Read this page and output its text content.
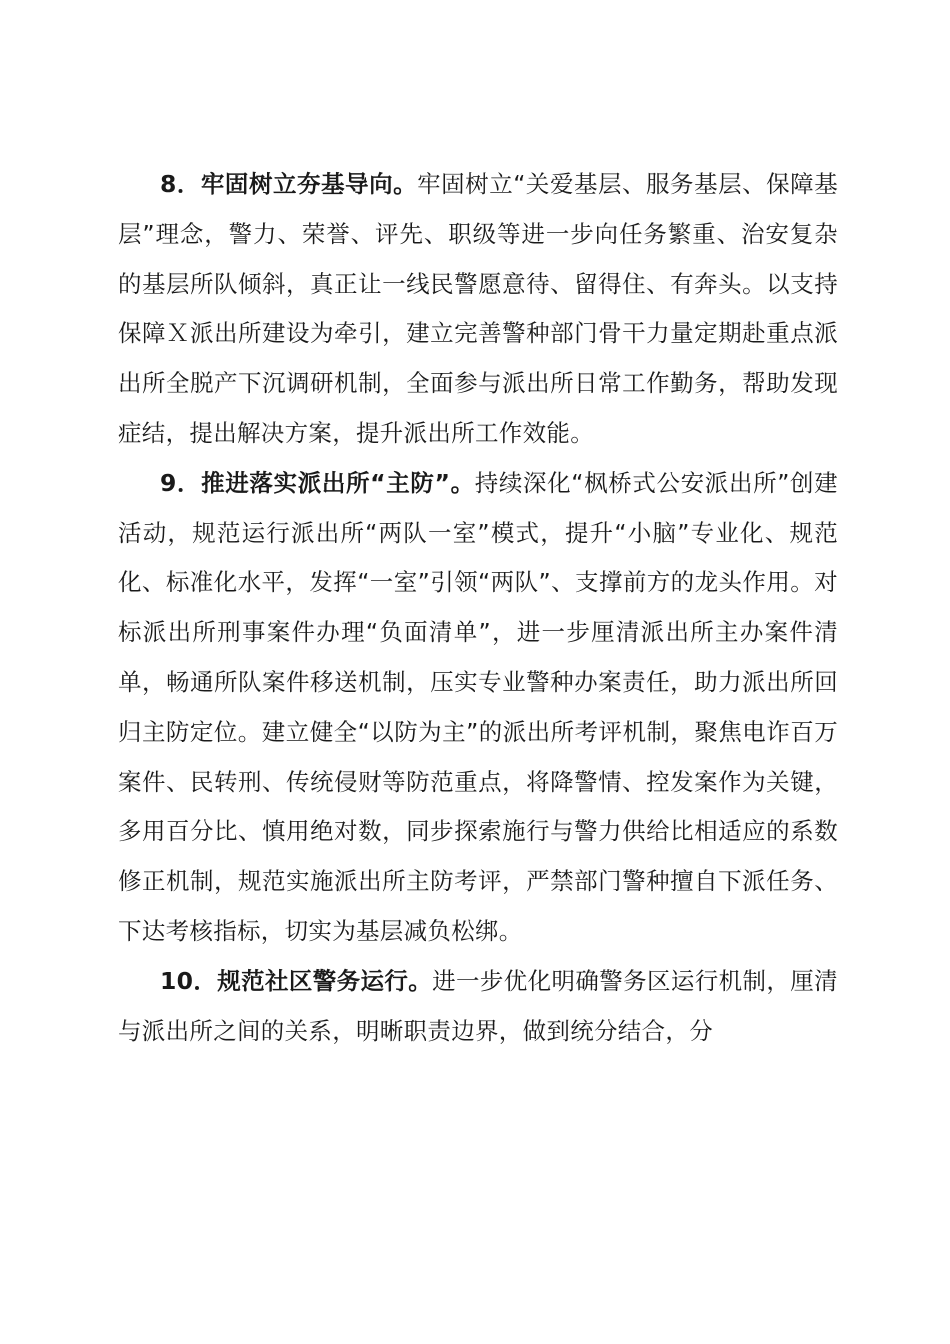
8．牢固树立夯基导向。牢固树立“关爱基层、服务基层、保障基层”理念，警力、荣誉、评先、职级等进一步向任务繁重、治安复杂的基层所队倾斜，真正让一线民警愿意待、留得住、有奔头。以支持保障Ｘ派出所建设为牵引，建立完善警种部门骨干力量定期赴重点派出所全脱产下沉调研机制，全面参与派出所日常工作勤务，帮助发现症结，提出解决方案，提升派出所工作效能。

9．推进落实派出所“主防”。持续深化“枫桥式公安派出所”创建活动，规范运行派出所“两队一室”模式，提升“小脑”专业化、规范化、标准化水平，发挥“一室”引领“两队”、支撑前方的龙头作用。对标派出所刑事案件办理“负面清单”，进一步厘清派出所主办案件清单，畅通所队案件移送机制，压实专业警种办案责任，助力派出所回归主防定位。建立健全“以防为主”的派出所考评机制，聚焦电诈百万案件、民转刑、传统侵财等防范重点，将降警情、控发案作为关键，多用百分比、慎用绝对数，同步探索施行与警力供给比相适应的系数修正机制，规范实施派出所主防考评，严禁部门警种擅自下派任务、下达考核指标，切实为基层减负松绑。

10．规范社区警务运行。进一步优化明确警务区运行机制，厘清与派出所之间的关系，明晰职责边界，做到统分结合，分
